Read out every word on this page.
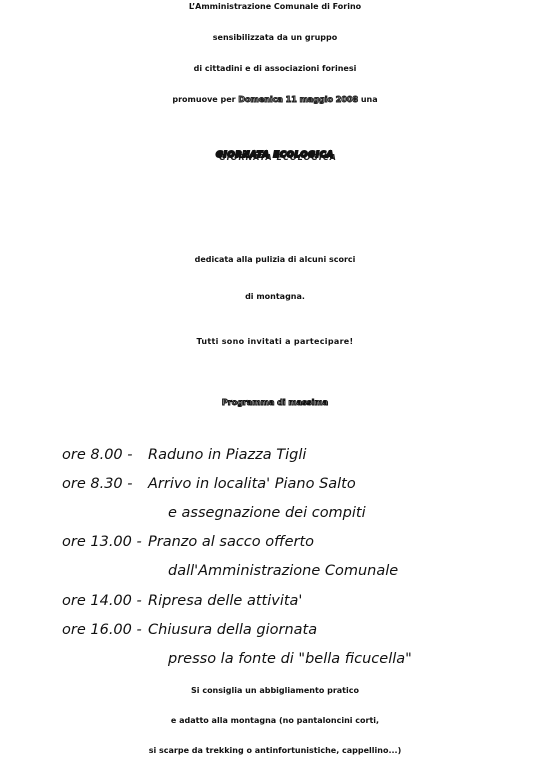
L’Amministrazione Comunale di Forino
sensibilizzata da un gruppo
di cittadini e di associazioni forinesi
promuove per Domenica 11 maggio 2008 una
GIORNATA ECOLOGICA
dedicata alla pulizia di alcuni scorci
di montagna.
Tutti sono invitati a partecipare!
Programma di massima
ore 8.00 - Raduno in Piazza Tigli
ore 8.30 - Arrivo in localita' Piano Salto
e assegnazione dei compiti
ore 13.00 - Pranzo al sacco offerto
dall'Amministrazione Comunale
ore 14.00 - Ripresa delle attivita'
ore 16.00 - Chiusura della giornata
presso la fonte di "bella ficucella"
Si consiglia un abbigliamento pratico
e adatto alla montagna (no pantaloncini corti,
si scarpe da trekking o antinfortunistiche, cappellino...)
